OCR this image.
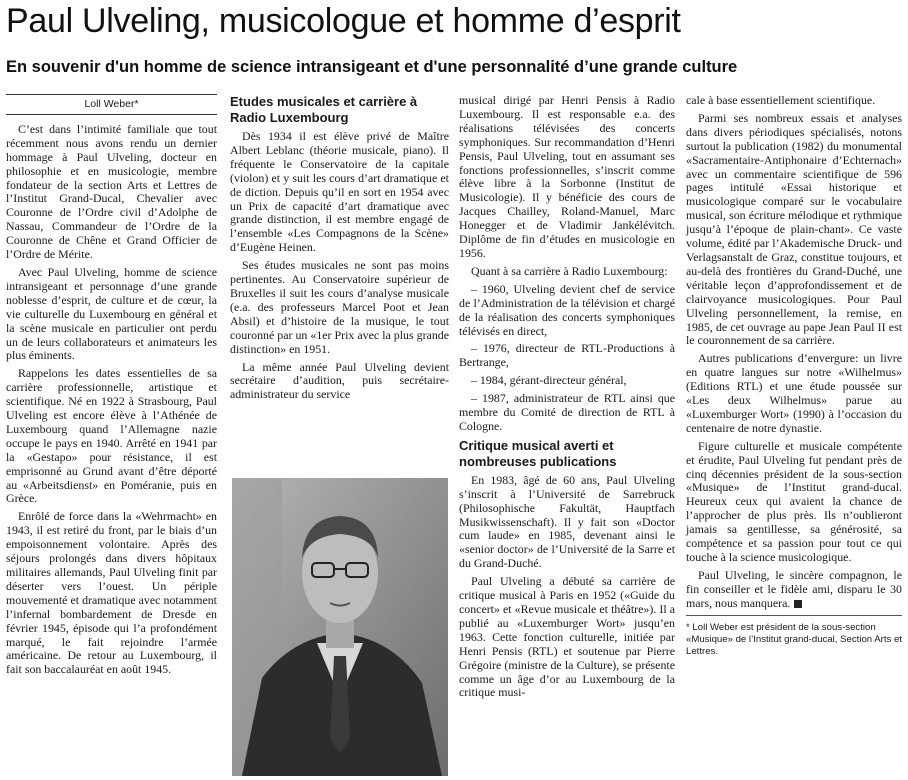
Paul Ulveling, musicologue et homme d’esprit
En souvenir d'un homme de science intransigeant et d'une personnalité d’une grande culture
Loll Weber*

C’est dans l’intimité familiale que tout récemment nous avons rendu un dernier hommage à Paul Ulveling, docteur en philosophie et en musicologie, membre fondateur de la section Arts et Lettres de l’Institut Grand-Ducal, Chevalier avec Couronne de l’Ordre civil d’Adolphe de Nassau, Commandeur de l’Ordre de la Couronne de Chêne et Grand Officier de l’Ordre de Mérite.

Avec Paul Ulveling, homme de science intransigeant et personnage d’une grande noblesse d’esprit, de culture et de cœur, la vie culturelle du Luxembourg en général et la scène musicale en particulier ont perdu un de leurs collaborateurs et animateurs les plus éminents.

Rappelons les dates essentielles de sa carrière professionnelle, artistique et scientifique. Né en 1922 à Strasbourg, Paul Ulveling est encore élève à l’Athénée de Luxembourg quand l’Allemagne nazie occupe le pays en 1940. Arrêté en 1941 par la «Gestapo» pour résistance, il est emprisonné au Grund avant d’être déporté au «Arbeitsdienst» en Poméranie, puis en Grèce.

Enrôlé de force dans la «Wehrmacht» en 1943, il est retiré du front, par le biais d’un empoisonnement volontaire. Après des séjours prolongés dans divers hôpitaux militaires allemands, Paul Ulveling finit par déserter vers l’ouest. Un périple mouvementé et dramatique avec notamment l’infernal bombardement de Dresde en février 1945, épisode qui l’a profondément marqué, le fait rejoindre l’armée américaine. De retour au Luxembourg, il fait son baccalauréat en août 1945.

Etudes musicales et carrière à Radio Luxembourg

Dès 1934 il est élève privé de Maître Albert Leblanc (théorie musicale, piano). Il fréquente le Conservatoire de la capitale (violon) et y suit les cours d’art dramatique et de diction. Depuis qu’il en sort en 1954 avec un Prix de capacité d’art dramatique avec grande distinction, il est membre engagé de l’ensemble «Les Compagnons de la Scène» d’Eugène Heinen.

Ses études musicales ne sont pas moins pertinentes. Au Conservatoire supérieur de Bruxelles il suit les cours d’analyse musicale (e.a. des professeurs Marcel Poot et Jean Absil) et d’histoire de la musique, le tout couronné par un «1er Prix avec la plus grande distinction» en 1951.

La même année Paul Ulveling devient secrétaire d’audition, puis secrétaire-administrateur du service

musical dirigé par Henri Pensis à Radio Luxembourg. Il est responsable e.a. des réalisations télévisées des concerts symphoniques. Sur recommandation d’Henri Pensis, Paul Ulveling, tout en assumant ses fonctions professionnelles, s’inscrit comme élève libre à la Sorbonne (Institut de Musicologie). Il y bénéficie des cours de Jacques Chailley, Roland-Manuel, Marc Honegger et de Vladimir Jankélévitch. Diplôme de fin d’études en musicologie en 1956.

Quant à sa carrière à Radio Luxembourg:

– 1960, Ulveling devient chef de service de l’Administration de la télévision et chargé de la réalisation des concerts symphoniques télévisés en direct,

– 1976, directeur de RTL-Productions à Bertrange,

– 1984, gérant-directeur général,

– 1987, administrateur de RTL ainsi que membre du Comité de direction de RTL à Cologne.

Critique musical averti et nombreuses publications

En 1983, âgé de 60 ans, Paul Ulveling s’inscrit à l’Université de Sarrebruck (Philosophische Fakultät, Hauptfach Musikwissenschaft). Il y fait son «Doctor cum laude» en 1985, devenant ainsi le «senior doctor» de l’Université de la Sarre et du Grand-Duché.

Paul Ulveling a débuté sa carrière de critique musical à Paris en 1952 («Guide du concert» et «Revue musicale et théâtre»). Il a publié au «Luxemburger Wort» jusqu’en 1963. Cette fonction culturelle, initiée par Henri Pensis (RTL) et soutenue par Pierre Grégoire (ministre de la Culture), se présente comme un âge d’or au Luxembourg de la critique musi-

cale à base essentiellement scientifique.

Parmi ses nombreux essais et analyses dans divers périodiques spécialisés, notons surtout la publication (1982) du monumental «Sacramentaire-Antiphonaire d’Echternach» avec un commentaire scientifique de 596 pages intitulé «Essai historique et musicologique comparé sur le vocabulaire musical, son écriture mélodique et rythmique jusqu’à l’époque de plain-chant». Ce vaste volume, édité par l’Akademische Druck- und Verlagsanstalt de Graz, constitue toujours, et au-delà des frontières du Grand-Duché, une véritable leçon d’approfondissement et de clairvoyance musicologiques. Pour Paul Ulveling personnellement, la remise, en 1985, de cet ouvrage au pape Jean Paul II est le couronnement de sa carrière.

Autres publications d’envergure: un livre en quatre langues sur notre «Wilhelmus» (Editions RTL) et une étude poussée sur «Les deux Wilhelmus» parue au «Luxemburger Wort» (1990) à l’occasion du centenaire de notre dynastie.

Figure culturelle et musicale compétente et érudite, Paul Ulveling fut pendant près de cinq décennies président de la sous-section «Musique» de l’Institut grand-ducal. Heureux ceux qui avaient la chance de l’approcher de plus près. Ils n’oublieront jamais sa gentillesse, sa générosité, sa compétence et sa passion pour tout ce qui touche à la science musicologique.

Paul Ulveling, le sincère compagnon, le fin conseiller et le fidèle ami, disparu le 30 mars, nous manquera.

* Loll Weber est président de la sous-section «Musique» de l’Institut grand-ducal, Section Arts et Lettres.
